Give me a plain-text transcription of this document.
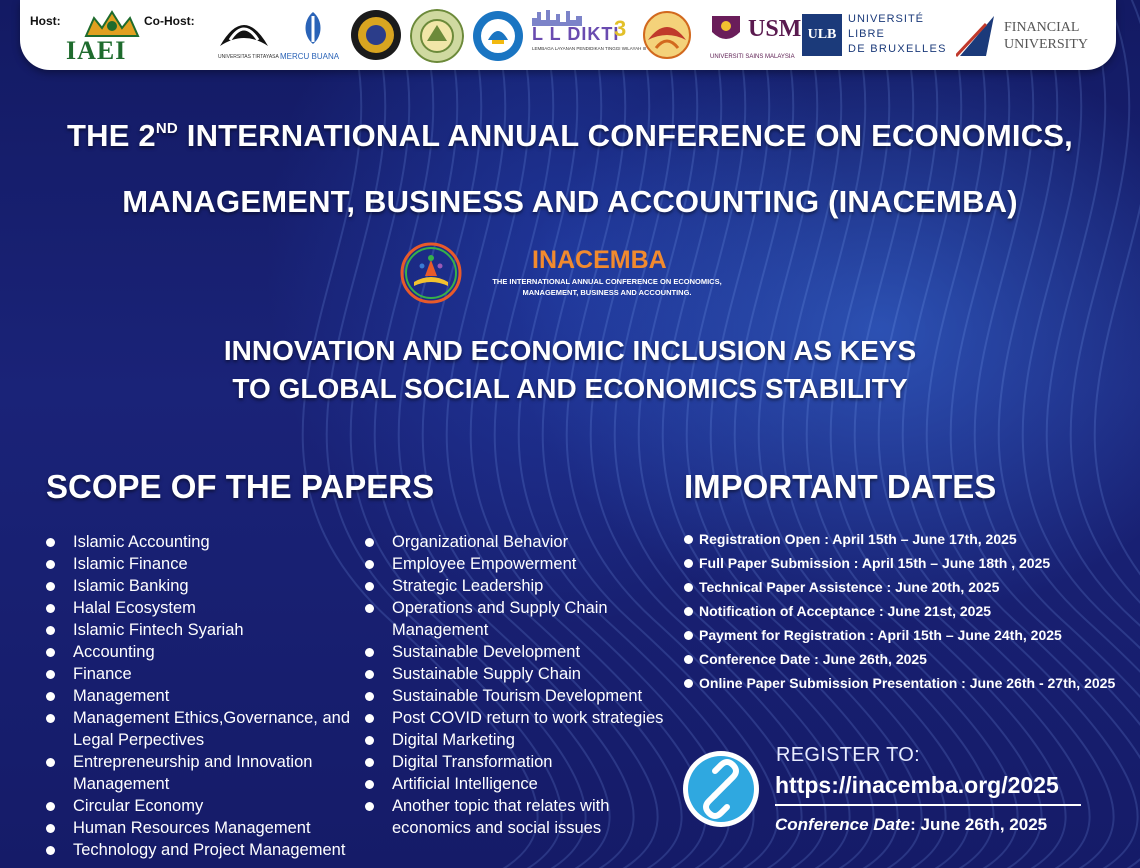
Host:
IAEI
Co-Host:
UNIVERSITAS TIRTAYASA MERCU BUANA
L L DIKTI
3
LEMBAGA LAYANAN PENDIDIKAN TINGGI WILAYAH III
USM
UNIVERSITI SAINS MALAYSIA
ULB
UNIVERSITÉ
LIBRE
DE BRUXELLES
FINANCIAL
UNIVERSITY
THE 2ND INTERNATIONAL ANNUAL CONFERENCE ON ECONOMICS,
MANAGEMENT, BUSINESS AND ACCOUNTING (INACEMBA)
INACEMBA
THE INTERNATIONAL ANNUAL CONFERENCE ON ECONOMICS,
MANAGEMENT, BUSINESS AND ACCOUNTING.
INNOVATION AND ECONOMIC INCLUSION AS KEYS
TO GLOBAL SOCIAL AND ECONOMICS STABILITY
SCOPE OF THE PAPERS
Islamic Accounting
Islamic Finance
Islamic Banking
Halal Ecosystem
Islamic Fintech Syariah
Accounting
Finance
Management
Management Ethics,Governance, and Legal Perpectives
Entrepreneurship and Innovation Management
Circular Economy
Human Resources Management
Technology and Project Management
Organizational Behavior
Employee Empowerment
Strategic Leadership
Operations and Supply Chain Management
Sustainable Development
Sustainable Supply Chain
Sustainable Tourism Development
Post COVID return to work strategies
Digital Marketing
Digital Transformation
Artificial Intelligence
Another topic that relates with economics and social issues
IMPORTANT DATES
Registration Open : April 15th – June 17th, 2025
Full Paper Submission : April 15th – June 18th , 2025
Technical Paper Assistence : June 20th, 2025
Notification of Acceptance : June 21st, 2025
Payment for Registration : April 15th – June 24th, 2025
Conference Date : June 26th, 2025
Online Paper Submission Presentation : June 26th - 27th, 2025
REGISTER TO:
https://inacemba.org/2025
Conference Date: June 26th, 2025
